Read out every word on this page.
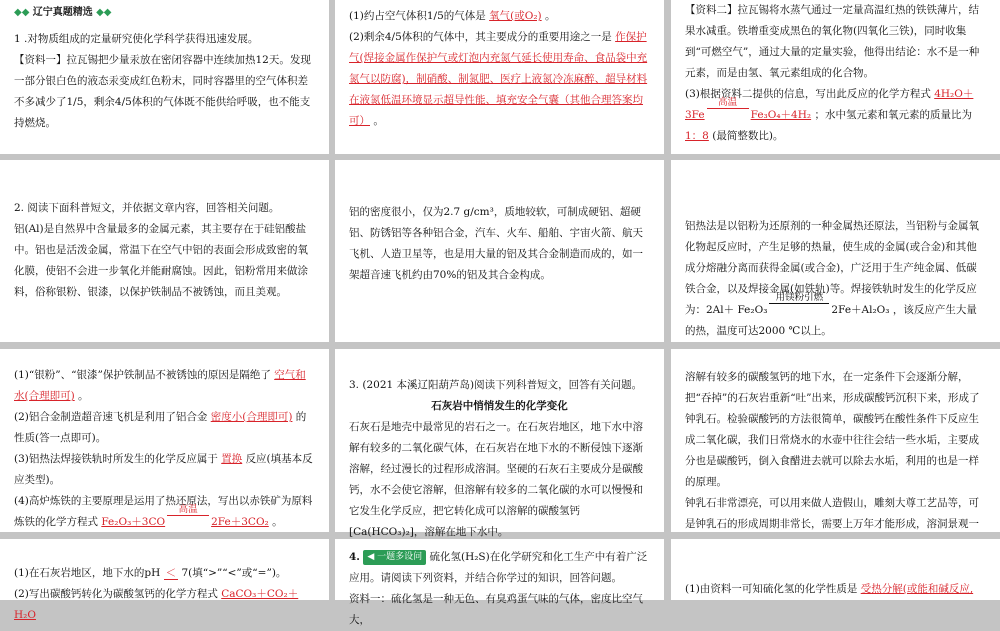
◆◆ 辽宁真题精选 ◆◆

1 .对物质组成的定量研究使化学科学获得迅速发展。

【资料一】拉瓦锡把少量汞放在密闭容器中连续加热12天。发现一部分银白色的液态汞变成红色粉末，同时容器里的空气体积差不多减少了1/5，剩余4/5体积的气体既不能供给呼吸，也不能支持燃烧。

(1)约占空气体积1/5的气体是 氧气(或O₂) 。

(2)剩余4/5体积的气体中，其主要成分的重要用途之一是 作保护气(焊接金属作保护气或灯泡内充氮气延长使用寿命、食品袋中充氮气以防腐)，制硝酸、制氮肥、医疗上液氮冷冻麻醉、超导材料在液氮低温环境显示超导性能、填充安全气囊（其他合理答案均可） 。

【资料二】拉瓦锡将水蒸气通过一定量高温红热的铁铁薄片，结果水减重。铁增重变成黑色的氧化物(四氧化三铁)，同时收集到“可燃空气”，通过大量的定量实验，他得出结论：水不是一种元素，而是由氢、氧元素组成的化合物。

(3)根据资料二提供的信息，写出此反应的化学方程式 4H₂O＋3Fe
高温
Fe₃O₄＋4H₂ ；水中氢元素和氧元素的质量比为 1：8 (最简整数比)。

2. 阅读下面科普短文，并依据文章内容，回答相关问题。

铝(Al)是自然界中含量最多的金属元素，其主要存在于硅铝酸盐中。铝也是活泼金属，常温下在空气中铝的表面会形成致密的氧化膜，使铝不会进一步氧化并能耐腐蚀。因此，铝粉常用来做涂料，俗称银粉、银漆，以保护铁制品不被锈蚀，而且美观。

铝的密度很小，仅为2.7 g/cm³，质地较软，可制成硬铝、超硬铝、防锈铝等各种铝合金，汽车、火车、船舶、宇宙火箭、航天飞机、人造卫星等，也是用大量的铝及其合金制造而成的，如一架超音速飞机约由70%的铝及其合金构成。

铝热法是以铝粉为还原剂的一种金属热还原法，当铝粉与金属氧化物起反应时，产生足够的热量，使生成的金属(或合金)和其他成分熔融分离而获得金属(或合金)，广泛用于生产纯金属、低碳铁合金，以及焊接金属(如铁轨)等。焊接铁轨时发生的化学反应为：2Al＋ Fe₂O₃
用镁粉引燃
2Fe＋Al₂O₃ ，该反应产生大量的热，温度可达2000 ℃以上。

(1)“银粉”、“银漆”保护铁制品不被锈蚀的原因是隔绝了 空气和水(合理即可) 。

(2)铝合金制造超音速飞机是利用了铝合金 密度小(合理即可) 的性质(答一点即可)。

(3)铝热法焊接铁轨时所发生的化学反应属于 置换 反应(填基本反应类型)。

(4)高炉炼铁的主要原理是运用了热还原法，写出以赤铁矿为原料炼铁的化学方程式 Fe₂O₃＋3CO
高温
2Fe＋3CO₂ 。

3. (2021 本溪辽阳葫芦岛)阅读下列科普短文，回答有关问题。

石灰岩中悄悄发生的化学变化

石灰石是地壳中最常见的岩石之一。在石灰岩地区，地下水中溶解有较多的二氧化碳气体，在石灰岩在地下水的不断侵蚀下逐渐溶解，经过漫长的过程形成溶洞。坚硬的石灰石主要成分是碳酸钙，水不会使它溶解，但溶解有较多的二氧化碳的水可以慢慢和它发生化学反应，把它转化成可以溶解的碳酸氢钙[Ca(HCO₃)₂]，溶解在地下水中。

溶解有较多的碳酸氢钙的地下水，在一定条件下会逐渐分解，把“吞掉”的石灰岩重新“吐”出来，形成碳酸钙沉积下来，形成了钟乳石。检验碳酸钙的方法很简单，碳酸钙在酸性条件下反应生成二氧化碳，我们日常烧水的水壶中往往会结一些水垢，主要成分也是碳酸钙，倒入食醋进去就可以除去水垢，利用的也是一样的原理。

钟乳石非常漂亮，可以用来做人造假山，雕刻大尊工艺品等，可是钟乳石的形成周期非常长，需要上万年才能形成，溶洞景观一

(1)在石灰岩地区，地下水的pH ＜ 7(填“>”“<”或“=”)。

(2)写出碳酸钙转化为碳酸氢钙的化学方程式 CaCO₃＋CO₂＋H₂O

4. ◀ 一题多设问 硫化氢(H₂S)在化学研究和化工生产中有着广泛应用。请阅读下列资料，并结合你学过的知识，回答问题。

资料一：硫化氢是一种无色、有臭鸡蛋气味的气体，密度比空气大，

(1)由资料一可知硫化氢的化学性质是 受热分解(或能和碱反应,
